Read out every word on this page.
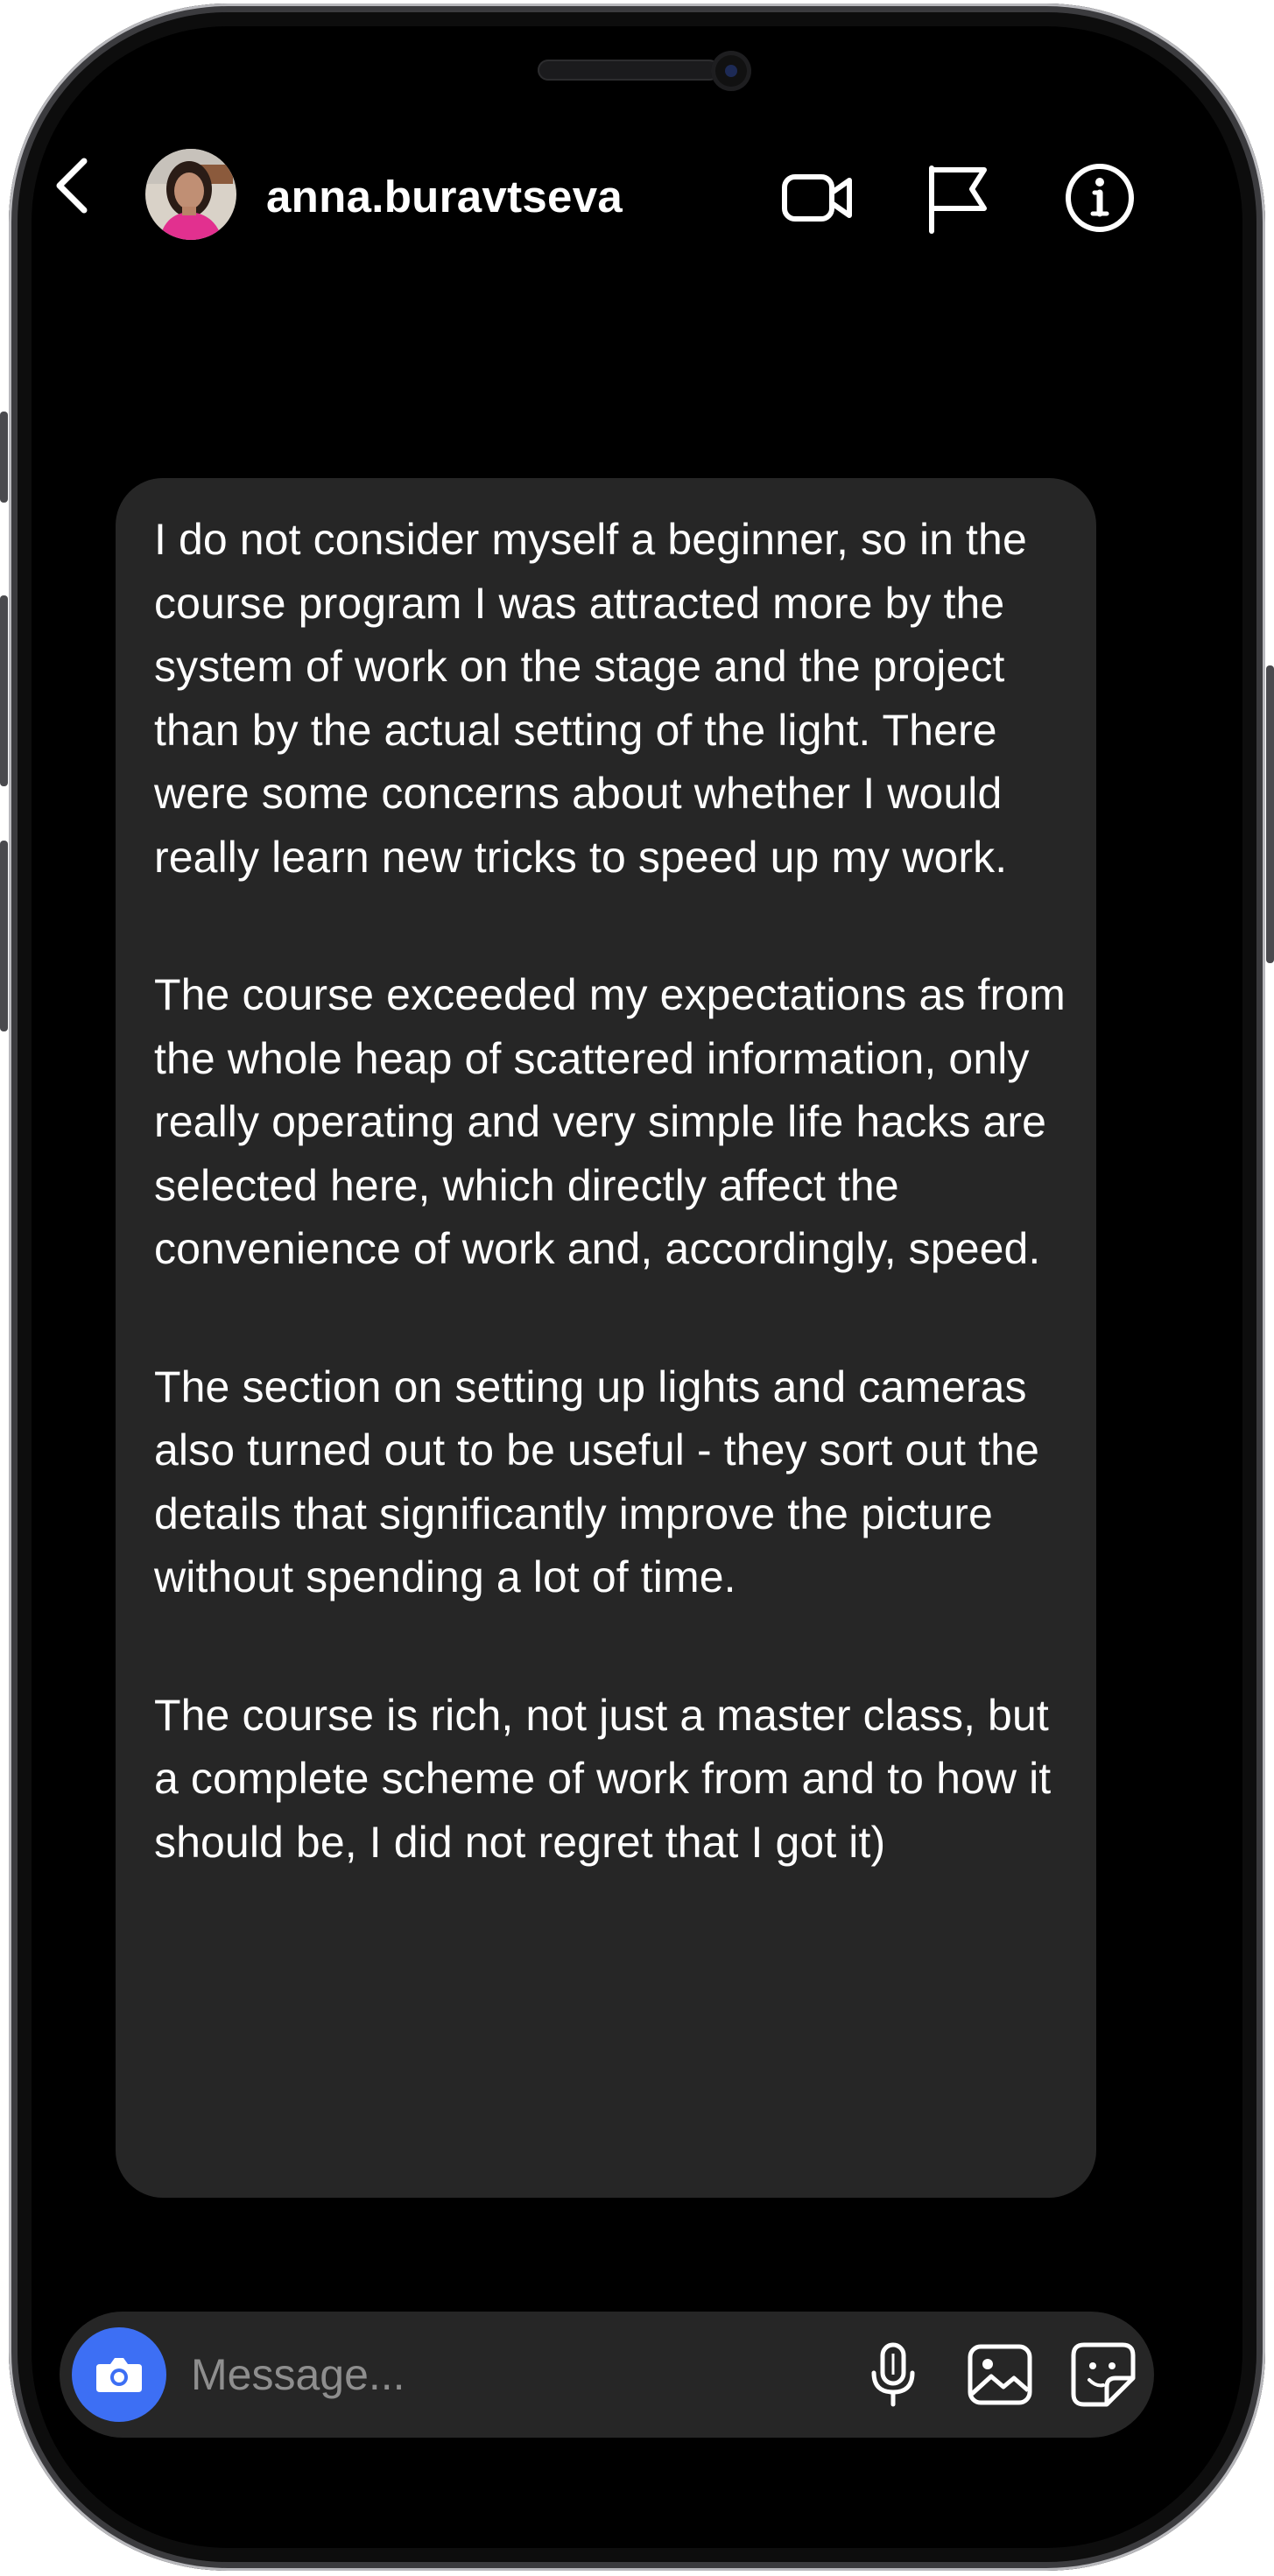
anna.buravtseva

I do not consider myself a beginner, so in the course program I was attracted more by the system of work on the stage and the project than by the actual setting of the light. There were some concerns about whether I would really learn new tricks to speed up my work.

The course exceeded my expectations as from the whole heap of scattered information, only really operating and very simple life hacks are selected here, which directly affect the convenience of work and, accordingly, speed.

The section on setting up lights and cameras also turned out to be useful - they sort out the details that significantly improve the picture without spending a lot of time.

The course is rich, not just a master class, but a complete scheme of work from and to how it should be, I did not regret that I got it)

Message...
